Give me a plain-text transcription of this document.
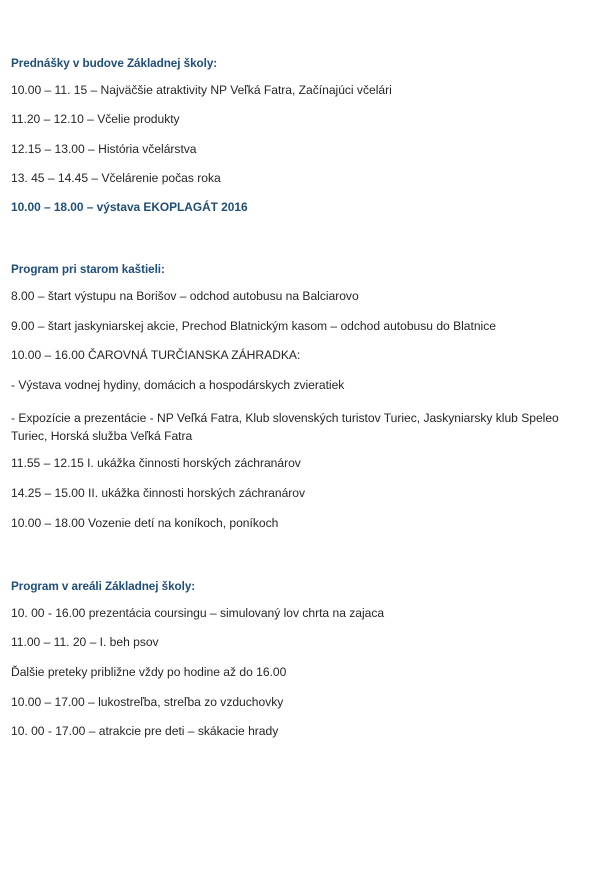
Prednášky v budove Základnej školy:
10.00 – 11. 15 – Najväčšie atraktivity NP Veľká Fatra, Začínajúci včelári
11.20 – 12.10 – Včelie produkty
12.15 – 13.00 – História včelárstva
13. 45 – 14.45 – Včelárenie počas roka
10.00 – 18.00 – výstava EKOPLAGÁT 2016
Program pri starom kaštieli:
8.00 – štart výstupu na Borišov – odchod autobusu na Balciarovo
9.00 – štart jaskyniarskej akcie, Prechod Blatnickým kasom – odchod autobusu do Blatnice
10.00 – 16.00 ČAROVNÁ TURČIANSKA ZÁHRADKA:
- Výstava vodnej hydiny, domácich a hospodárskych zvieratiek
- Expozície a prezentácie - NP Veľká Fatra, Klub slovenských turistov Turiec, Jaskyniarsky klub Speleo Turiec, Horská služba Veľká Fatra
11.55 – 12.15 I. ukážka činnosti horských záchranárov
14.25 – 15.00 II. ukážka činnosti horských záchranárov
10.00 – 18.00 Vozenie detí na koníkoch, poníkoch
Program v areáli Základnej školy:
10. 00 - 16.00 prezentácia coursingu – simulovaný lov chrta na zajaca
11.00 – 11. 20 – I. beh psov
Ďalšie preteky približne vždy po hodine až do 16.00
10.00 – 17.00 – lukostreľba, streľba zo vzduchovky
10. 00 - 17.00 – atrakcie pre deti – skákacie hrady
